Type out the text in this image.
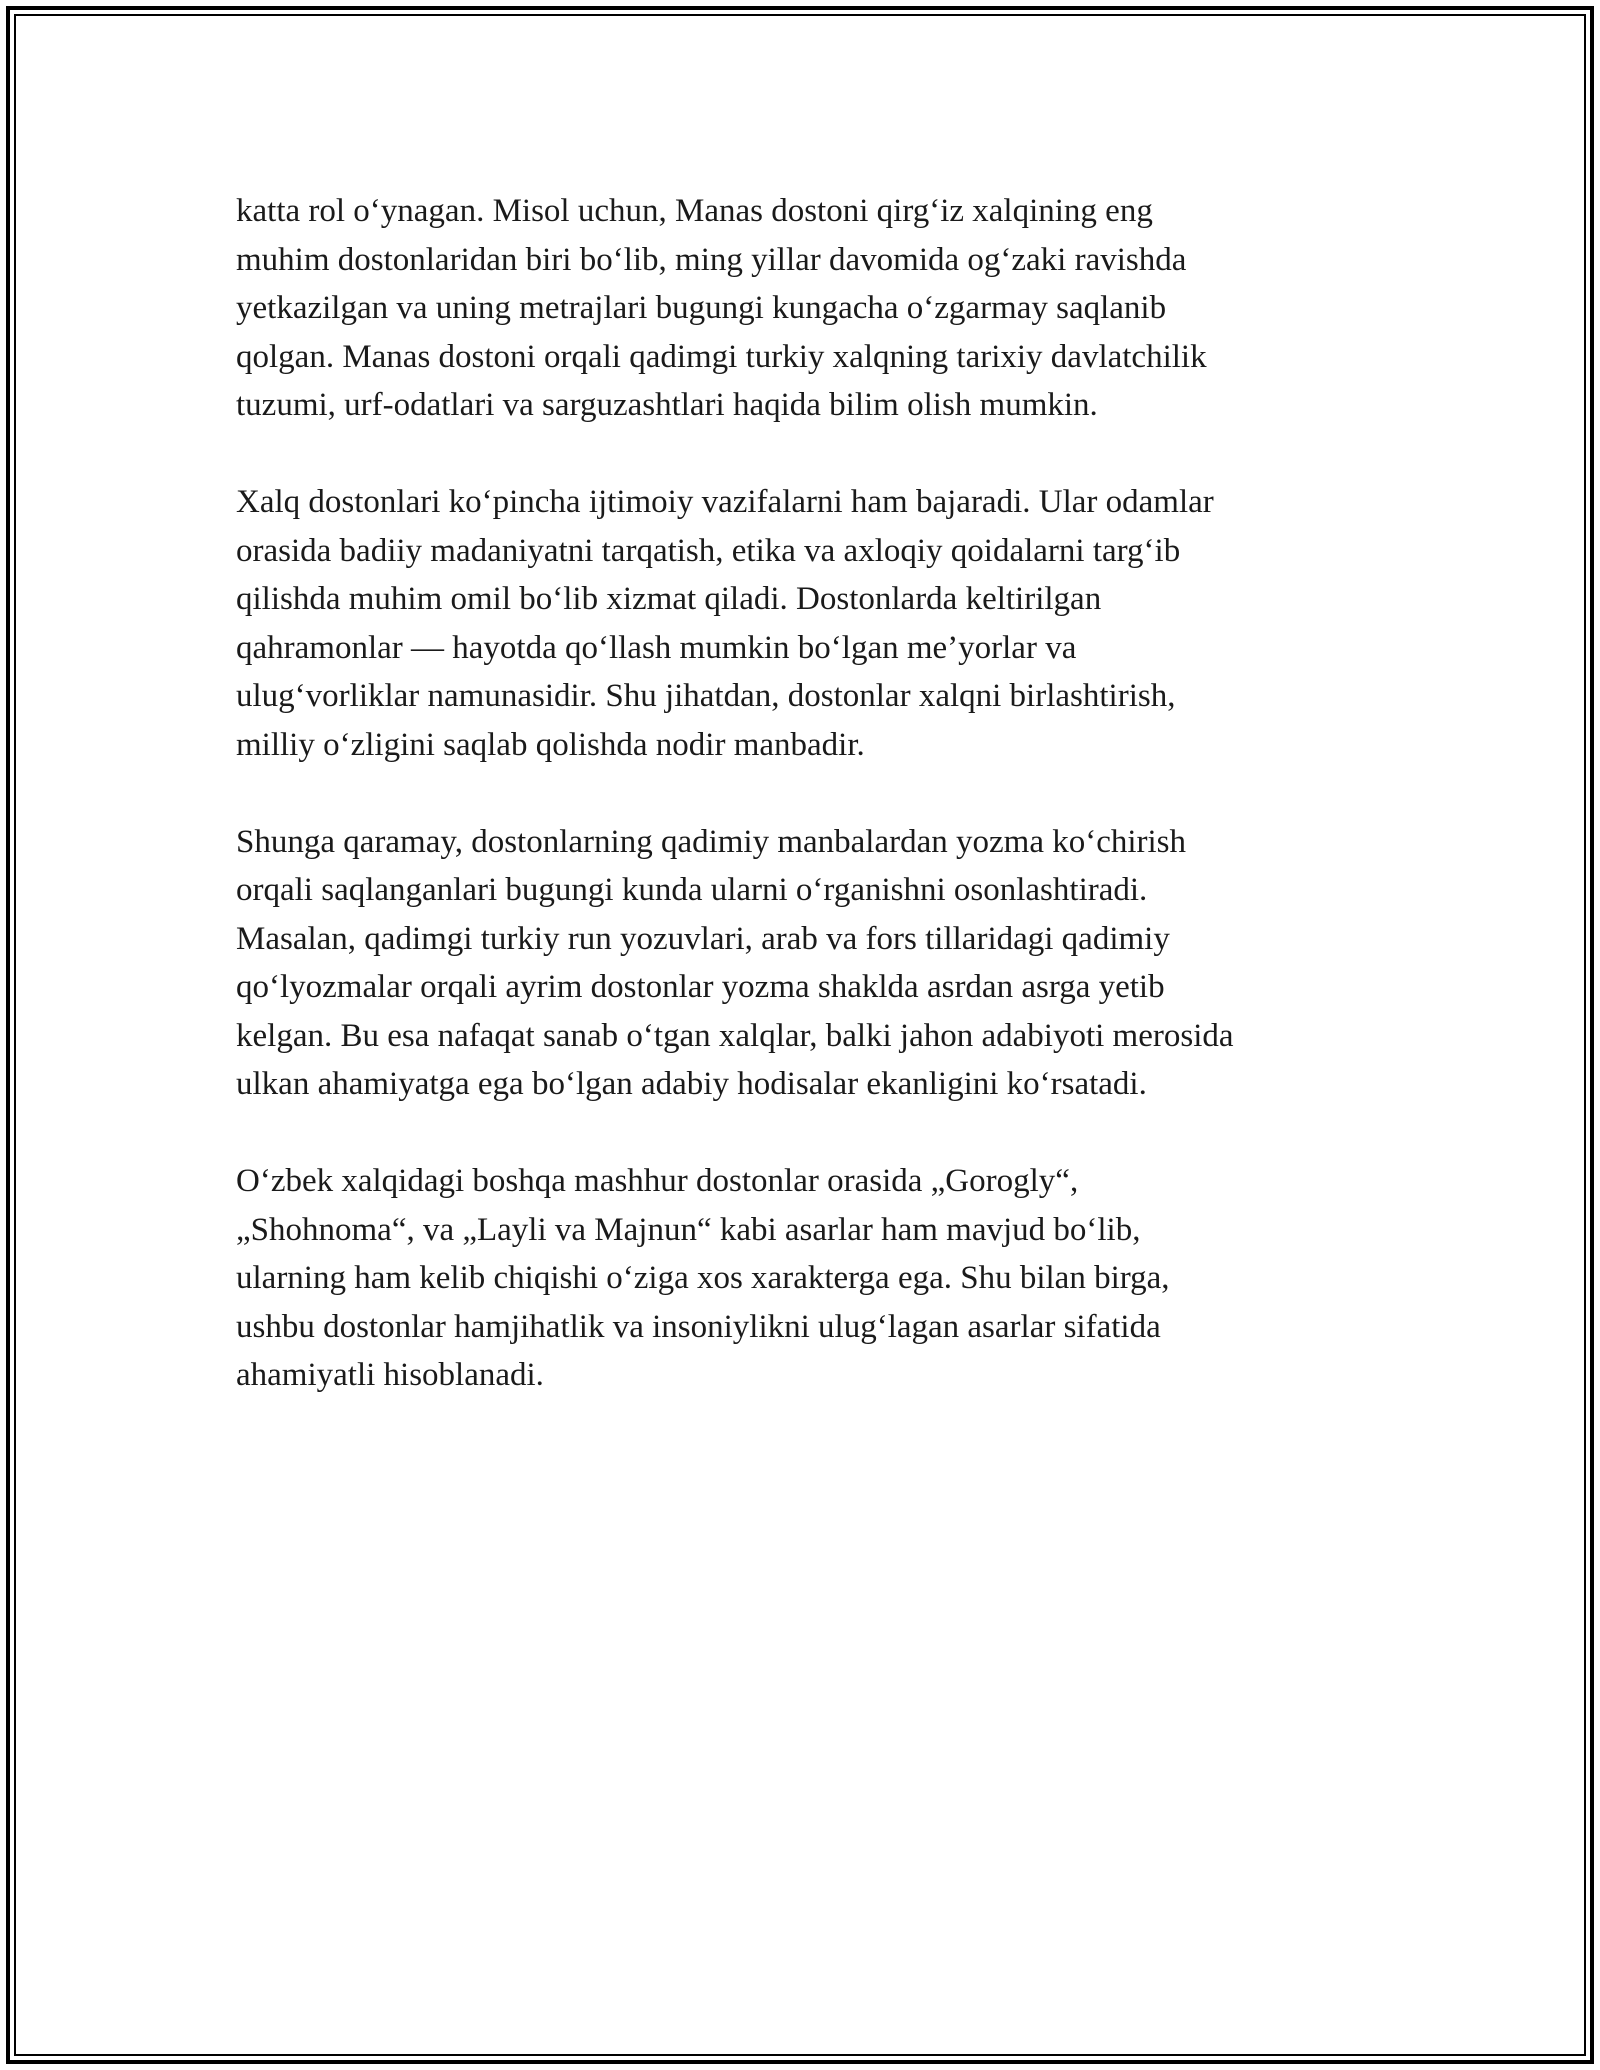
katta rol o‘ynagan. Misol uchun, Manas dostoni qirg‘iz xalqining eng
muhim dostonlaridan biri bo‘lib, ming yillar davomida og‘zaki ravishda
yetkazilgan va uning metrajlari bugungi kungacha o‘zgarmay saqlanib
qolgan. Manas dostoni orqali qadimgi turkiy xalqning tarixiy davlatchilik
tuzumi, urf-odatlari va sarguzashtlari haqida bilim olish mumkin.

Xalq dostonlari ko‘pincha ijtimoiy vazifalarni ham bajaradi. Ular odamlar
orasida badiiy madaniyatni tarqatish, etika va axloqiy qoidalarni targ‘ib
qilishda muhim omil bo‘lib xizmat qiladi. Dostonlarda keltirilgan
qahramonlar — hayotda qo‘llash mumkin bo‘lgan me’yorlar va
ulug‘vorliklar namunasidir. Shu jihatdan, dostonlar xalqni birlashtirish,
milliy o‘zligini saqlab qolishda nodir manbadir.

Shunga qaramay, dostonlarning qadimiy manbalardan yozma ko‘chirish
orqali saqlanganlari bugungi kunda ularni o‘rganishni osonlashtiradi.
Masalan, qadimgi turkiy run yozuvlari, arab va fors tillaridagi qadimiy
qo‘lyozmalar orqali ayrim dostonlar yozma shaklda asrdan asrga yetib
kelgan. Bu esa nafaqat sanab o‘tgan xalqlar, balki jahon adabiyoti merosida
ulkan ahamiyatga ega bo‘lgan adabiy hodisalar ekanligini ko‘rsatadi.

O‘zbek xalqidagi boshqa mashhur dostonlar orasida „Gorogly“,
„Shohnoma“, va „Layli va Majnun“ kabi asarlar ham mavjud bo‘lib,
ularning ham kelib chiqishi o‘ziga xos xarakterga ega. Shu bilan birga,
ushbu dostonlar hamjihatlik va insoniylikni ulug‘lagan asarlar sifatida
ahamiyatli hisoblanadi.
